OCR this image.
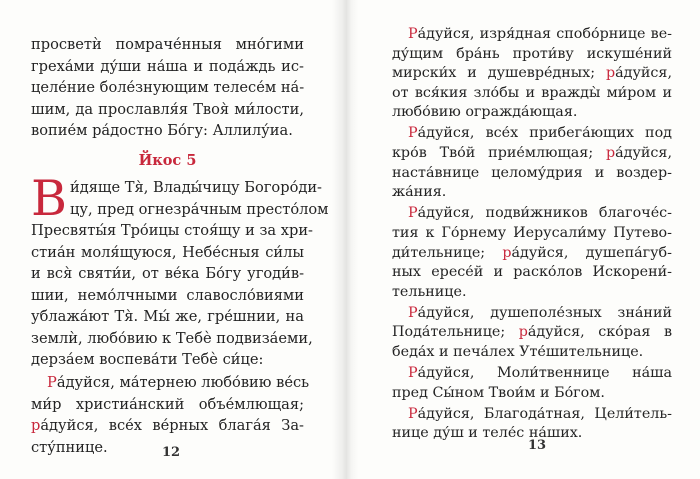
просветѝ помраче́нныя мно́гими
греха́ми ду́ши на́ша и пода́ждь ис-
целе́ние боле́знующим телесе́м на́-
шим, да прославля́я Твоя̀ ми́лости,
вопие́м ра́достно Бо́гу: Аллилу́иа.
Йкос 5
В и́дяще Тя̀, Влады́чицу Богоро́ди-
цу, пред огнезра́чным престо́лом
Пресвяты́я Тро́ицы стоя́щу и за хри-
стиа́н моля́щуюся, Небе́сныя си́лы
и вся̀ святи́и, от ве́ка Бо́гу угоди́в-
шии, немо́лчными славосло́виями
ублажа́ют Тя̀. Мы́ же, гре́шнии, на
землѝ, любо́вию к Тебѐ подвиза́еми,
дерза́ем воспева́ти Тебѐ си́це:
Ра́дуйся, ма́тернею любо́вию ве́сь
ми́р христиа́нский объе́млющая;
ра́дуйся, все́х ве́рных блага́я За-
сту́пнице.	12
Ра́дуйся, изря́дная спобо́рнице ве-
ду́щим бра́нь проти́ву искуше́ний
мирски́х и душевре́дных; ра́дуйся,
от вся́кия зло́бы и вражды̀ ми́ром и
любо́вию огражда́ющая.
Ра́дуйся, все́х прибега́ющих под
кро́в Тво́й прие́млющая; ра́дуйся,
наста́внице целому́дрия и воздер-
жа́ния.
Ра́дуйся, подви́жников благоче́с-
тия к Го́рнему Иерусали́му Путево-
ди́тельнице; ра́дуйся, душепа́губ-
ных ересе́й и раско́лов Искорени́-
тельнице.
Ра́дуйся, душеполе́зных зна́ний
Пода́тельнице; ра́дуйся, ско́рая в
беда́х и печа́лех Уте́шительнице.
Ра́дуйся, Моли́твеннице на́ша
пред Сы́ном Твои́м и Бо́гом.
Ра́дуйся, Благода́тная, Цели́тель-
нице ду́ш и теле́с на́ших.
13
